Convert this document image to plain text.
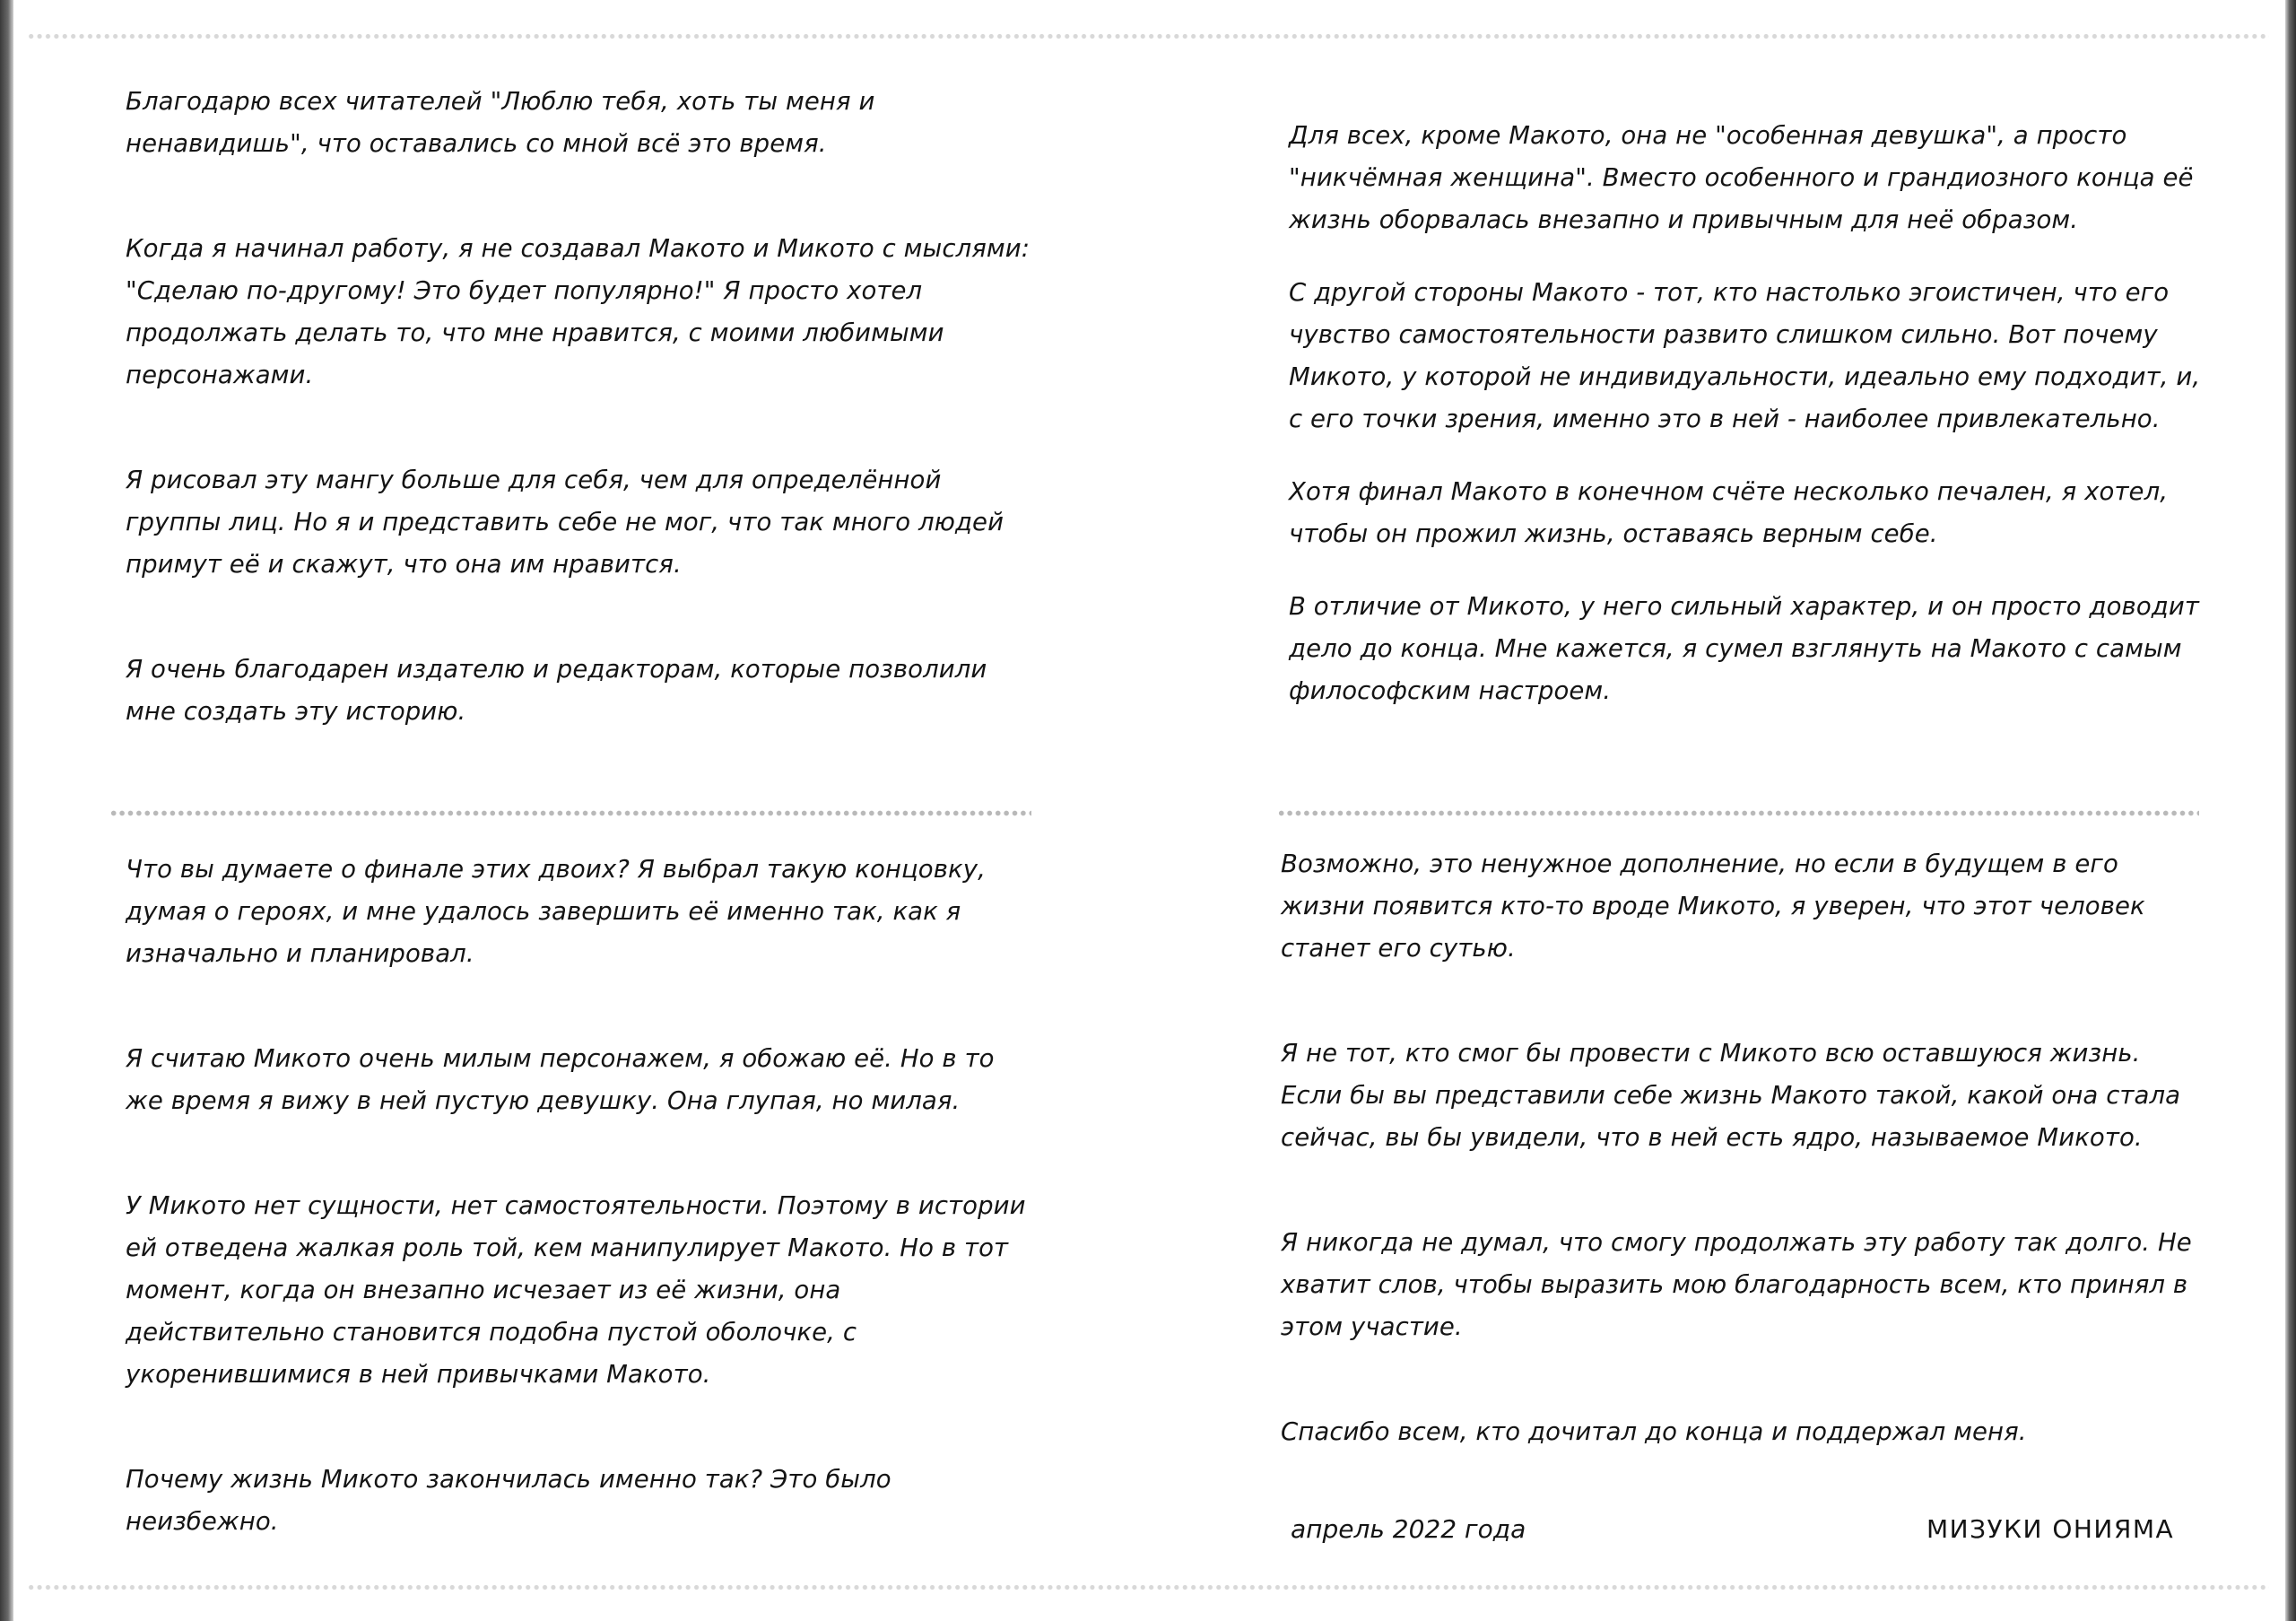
Благодарю всех читателей "Люблю тебя, хоть ты меня и ненавидишь", что оставались со мной всё это время.

Когда я начинал работу, я не создавал Макото и Микото с мыслями: "Сделаю по-другому! Это будет популярно!" Я просто хотел продолжать делать то, что мне нравится, с моими любимыми персонажами.

Я рисовал эту мангу больше для себя, чем для определённой группы лиц. Но я и представить себе не мог, что так много людей примут её и скажут, что она им нравится.

Я очень благодарен издателю и редакторам, которые позволили мне создать эту историю.

Для всех, кроме Макото, она не "особенная девушка", а просто "никчёмная женщина". Вместо особенного и грандиозного конца её жизнь оборвалась внезапно и привычным для неё образом.

С другой стороны Макото - тот, кто настолько эгоистичен, что его чувство самостоятельности развито слишком сильно. Вот почему Микото, у которой не индивидуальности, идеально ему подходит, и, с его точки зрения, именно это в ней - наиболее привлекательно.

Хотя финал Макото в конечном счёте несколько печален, я хотел, чтобы он прожил жизнь, оставаясь верным себе.

В отличие от Микото, у него сильный характер, и он просто доводит дело до конца. Мне кажется, я сумел взглянуть на Макото с самым философским настроем.

Что вы думаете о финале этих двоих? Я выбрал такую концовку, думая о героях, и мне удалось завершить её именно так, как я изначально и планировал.

Я считаю Микото очень милым персонажем, я обожаю её. Но в то же время я вижу в ней пустую девушку. Она глупая, но милая.

У Микото нет сущности, нет самостоятельности. Поэтому в истории ей отведена жалкая роль той, кем манипулирует Макото. Но в тот момент, когда он внезапно исчезает из её жизни, она действительно становится подобна пустой оболочке, с укоренившимися в ней привычками Макото.

Почему жизнь Микото закончилась именно так? Это было неизбежно.

Возможно, это ненужное дополнение, но если в будущем в его жизни появится кто-то вроде Микото, я уверен, что этот человек станет его сутью.

Я не тот, кто смог бы провести с Микото всю оставшуюся жизнь. Если бы вы представили себе жизнь Макото такой, какой она стала сейчас, вы бы увидели, что в ней есть ядро, называемое Микото.

Я никогда не думал, что смогу продолжать эту работу так долго. Не хватит слов, чтобы выразить мою благодарность всем, кто принял в этом участие.

Спасибо всем, кто дочитал до конца и поддержал меня.

апрель 2022 года	МИЗУКИ ОНИЯМА
